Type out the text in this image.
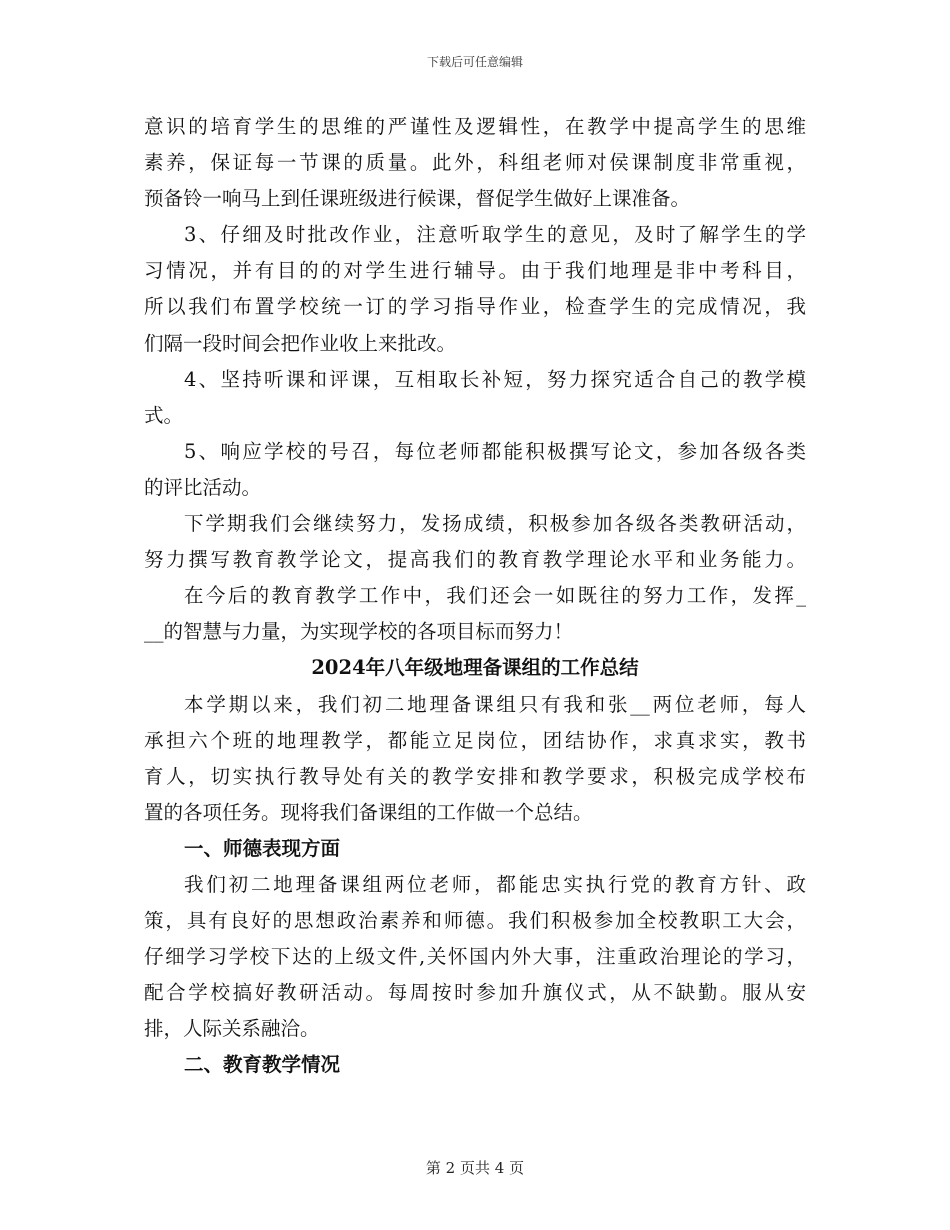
下载后可任意编辑
意识的培育学生的思维的严谨性及逻辑性，在教学中提高学生的思维
素养，保证每一节课的质量。此外，科组老师对侯课制度非常重视，
预备铃一响马上到任课班级进行候课，督促学生做好上课准备。
3、仔细及时批改作业，注意听取学生的意见，及时了解学生的学
习情况，并有目的的对学生进行辅导。由于我们地理是非中考科目，
所以我们布置学校统一订的学习指导作业，检查学生的完成情况，我
们隔一段时间会把作业收上来批改。
4、坚持听课和评课，互相取长补短，努力探究适合自己的教学模
式。
5、响应学校的号召，每位老师都能积极撰写论文，参加各级各类
的评比活动。
下学期我们会继续努力，发扬成绩，积极参加各级各类教研活动，
努力撰写教育教学论文，提高我们的教育教学理论水平和业务能力。
在今后的教育教学工作中，我们还会一如既往的努力工作，发挥_
__的智慧与力量，为实现学校的各项目标而努力！
2024年八年级地理备课组的工作总结
本学期以来，我们初二地理备课组只有我和张__两位老师，每人
承担六个班的地理教学，都能立足岗位，团结协作，求真求实，教书
育人，切实执行教导处有关的教学安排和教学要求，积极完成学校布
置的各项任务。现将我们备课组的工作做一个总结。
一、师德表现方面
我们初二地理备课组两位老师，都能忠实执行党的教育方针、政
策，具有良好的思想政治素养和师德。我们积极参加全校教职工大会，
仔细学习学校下达的上级文件,关怀国内外大事，注重政治理论的学习，
配合学校搞好教研活动。每周按时参加升旗仪式，从不缺勤。服从安
排，人际关系融洽。
二、教育教学情况
第 2 页共 4 页
